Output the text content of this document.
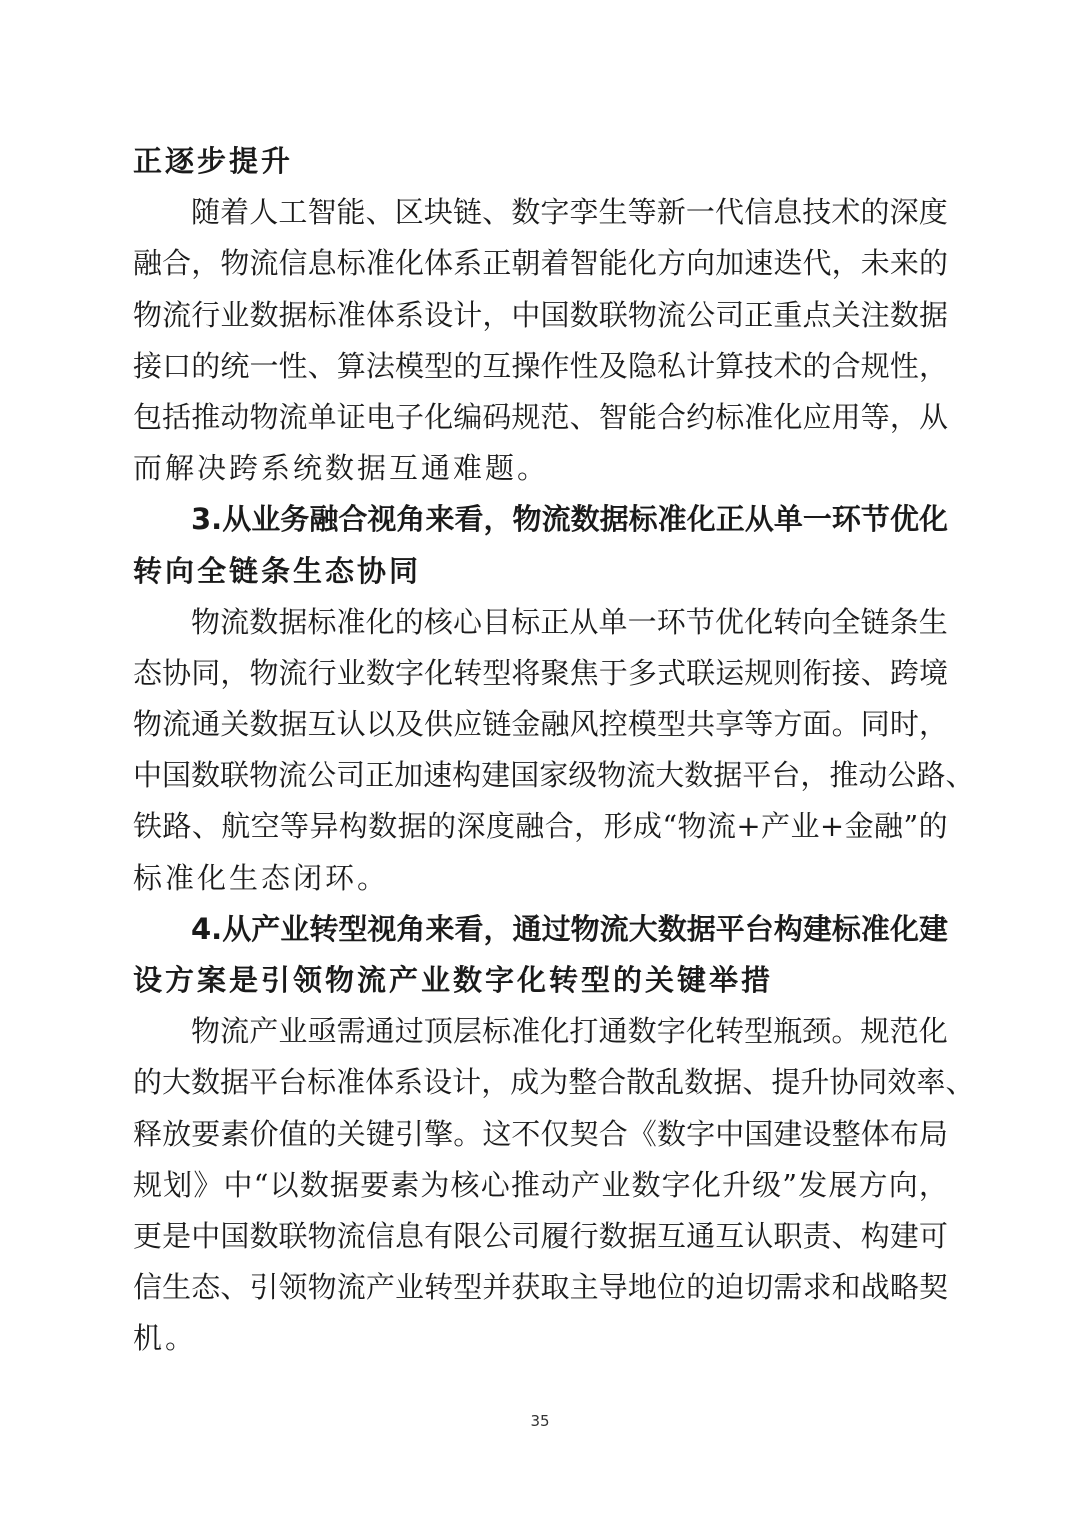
正逐步提升
随 着 人 工 智 能 、 区 块 链 、 数 字 孪 生 等 新 一 代 信 息 技 术 的 深 度
融 合 ， 物 流 信 息 标 准 化 体 系 正 朝 着 智 能 化 方 向 加 速 迭 代 ， 未 来 的
物 流 行 业 数 据 标 准 体 系 设 计 ， 中 国 数 联 物 流 公 司 正 重 点 关 注 数 据
接 口 的 统 一 性 、 算 法 模 型 的 互 操 作 性 及 隐 私 计 算 技 术 的 合 规 性 ，
包 括 推 动 物 流 单 证 电 子 化 编 码 规 范 、 智 能 合 约 标 准 化 应 用 等 ， 从
而解决跨系统数据互通难题。
3. 从 业 务 融 合 视 角 来 看 ， 物 流 数 据 标 准 化 正 从 单 一 环 节 优 化
转向全链条生态协同
物 流 数 据 标 准 化 的 核 心 目 标 正 从 单 一 环 节 优 化 转 向 全 链 条 生
态 协 同 ， 物 流 行 业 数 字 化 转 型 将 聚 焦 于 多 式 联 运 规 则 衔 接 、 跨 境
物 流 通 关 数 据 互 认 以 及 供 应 链 金 融 风 控 模 型 共 享 等 方 面 。 同 时 ，
中 国 数 联 物 流 公 司 正 加 速 构 建 国 家 级 物 流 大 数 据 平 台 ， 推 动 公 路 、
铁 路 、 航 空 等 异 构 数 据 的 深 度 融 合 ， 形 成 “ 物 流 + 产 业 + 金 融 ” 的
标准化生态闭环。
4. 从 产 业 转 型 视 角 来 看 ， 通 过 物 流 大 数 据 平 台 构 建 标 准 化 建
设方案是引领物流产业数字化转型的关键举措
物 流 产 业 亟 需 通 过 顶 层 标 准 化 打 通 数 字 化 转 型 瓶 颈 。 规 范 化
的 大 数 据 平 台 标 准 体 系 设 计 ， 成 为 整 合 散 乱 数 据 、 提 升 协 同 效 率 、
释 放 要 素 价 值 的 关 键 引 擎 。 这 不 仅 契 合 《 数 字 中 国 建 设 整 体 布 局
规 划 》 中 “ 以 数 据 要 素 为 核 心 推 动 产 业 数 字 化 升 级 ” 发 展 方 向 ，
更 是 中 国 数 联 物 流 信 息 有 限 公 司 履 行 数 据 互 通 互 认 职 责 、 构 建 可
信 生 态 、 引 领 物 流 产 业 转 型 并 获 取 主 导 地 位 的 迫 切 需 求 和 战 略 契
机。
35
